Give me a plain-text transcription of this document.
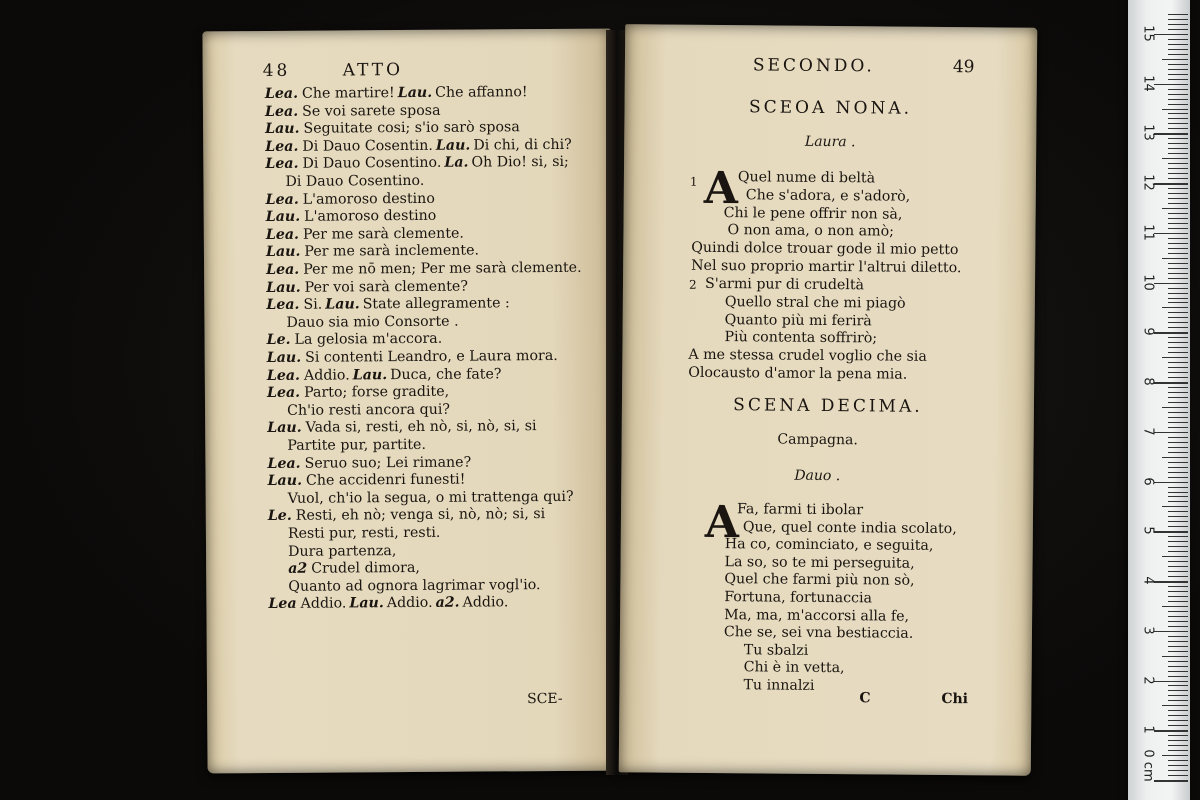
48	ATTO
Lea. Che martire! Lau. Che affanno!
Lea. Se voi sarete sposa
Lau. Seguitate cosi; s'io sarò sposa
Lea. Di Dauo Cosentin. Lau. Di chi, di chi?
Lea. Di Dauo Cosentino. La. Oh Dio! si, si;
Di Dauo Cosentino.
Lea. L'amoroso destino
Lau. L'amoroso destino
Lea. Per me sarà clemente.
Lau. Per me sarà inclemente.
Lea. Per me nō men; Per me sarà clemente.
Lau. Per voi sarà clemente?
Lea. Si. Lau. State allegramente :
Dauo sia mio Consorte .
Le. La gelosia m'accora.
Lau. Si contenti Leandro, e Laura mora.
Lea. Addio. Lau. Duca, che fate?
Lea. Parto; forse gradite,
Ch'io resti ancora qui?
Lau. Vada si, resti, eh nò, si, nò, si, si
Partite pur, partite.
Lea. Seruo suo; Lei rimane?
Lau. Che accidenri funesti!
Vuol, ch'io la segua, o mi trattenga qui?
Le. Resti, eh nò; venga si, nò, nò; si, si
Resti pur, resti, resti.
Dura partenza,
a2 Crudel dimora,
Quanto ad ognora lagrimar vogl'io.
Lea Addio. Lau. Addio. a2. Addio.
SCE-
SECONDO.	49
SCEOA NONA.
Laura .
1 A Quel nume di beltà
Che s'adora, e s'adorò,
Chi le pene offrir non sà,
O non ama, o non amò;
Quindi dolce trouar gode il mio petto
Nel suo proprio martir l'altrui diletto.
2 S'armi pur di crudeltà
Quello stral che mi piagò
Quanto più mi ferirà
Più contenta soffrirò;
A me stessa crudel voglio che sia
Olocausto d'amor la pena mia.
SCENA DECIMA.
Campagna.
Dauo .
A
Fa, farmi ti ibolar
Que, quel conte india scolato,
Ha co, cominciato, e seguita,
La so, so te mi perseguita,
Quel che farmi più non sò,
Fortuna, fortunaccia
Ma, ma, m'accorsi alla fe,
Che se, sei vna bestiaccia.
Tu sbalzi
Chi è in vetta,
Tu innalzi
C	Chi
0 cm
1
2
3
4
5
6
7
8
9
10
11
12
13
14
15
